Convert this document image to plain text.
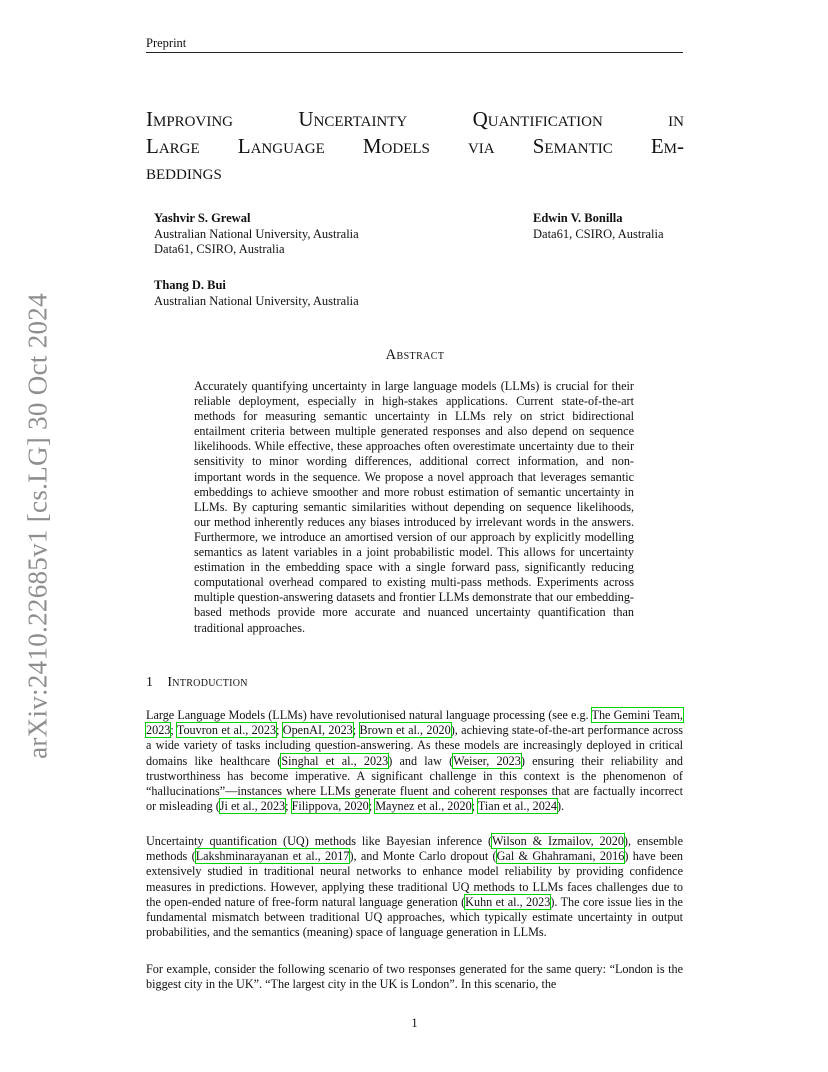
Preprint
arXiv:2410.22685v1 [cs.LG] 30 Oct 2024
Improving Uncertainty Quantification in
Large Language Models via Semantic Em-
beddings
Yashvir S. Grewal
Australian National University, Australia
Data61, CSIRO, Australia
Edwin V. Bonilla
Data61, CSIRO, Australia
Thang D. Bui
Australian National University, Australia
Abstract

Accurately quantifying uncertainty in large language models (LLMs) is crucial for their reliable deployment, especially in high-stakes applications. Current state-of-the-art methods for measuring semantic uncertainty in LLMs rely on strict bidirectional entailment criteria between multiple generated responses and also depend on sequence likelihoods. While effective, these approaches often overestimate uncertainty due to their sensitivity to minor wording differences, additional correct information, and non-important words in the sequence. We propose a novel approach that leverages semantic embeddings to achieve smoother and more robust estimation of semantic uncertainty in LLMs. By capturing semantic similarities without depending on sequence likelihoods, our method inherently reduces any biases introduced by irrelevant words in the answers. Furthermore, we introduce an amortised version of our approach by explicitly modelling semantics as latent variables in a joint probabilistic model. This allows for uncertainty estimation in the embedding space with a single forward pass, significantly reducing computational overhead compared to existing multi-pass methods. Experiments across multiple question-answering datasets and frontier LLMs demonstrate that our embedding-based methods provide more accurate and nuanced uncertainty quantification than traditional approaches.

1 Introduction

Large Language Models (LLMs) have revolutionised natural language processing (see e.g. The Gemini Team, 2023; Touvron et al., 2023; OpenAI, 2023; Brown et al., 2020), achieving state-of-the-art performance across a wide variety of tasks including question-answering. As these models are increasingly deployed in critical domains like healthcare (Singhal et al., 2023) and law (Weiser, 2023) ensuring their reliability and trustworthiness has become imperative. A significant challenge in this context is the phenomenon of “hallucinations”—instances where LLMs generate fluent and coherent responses that are factually incorrect or misleading (Ji et al., 2023; Filippova, 2020; Maynez et al., 2020; Tian et al., 2024).

Uncertainty quantification (UQ) methods like Bayesian inference (Wilson & Izmailov, 2020), ensemble methods (Lakshminarayanan et al., 2017), and Monte Carlo dropout (Gal & Ghahramani, 2016) have been extensively studied in traditional neural networks to enhance model reliability by providing confidence measures in predictions. However, applying these traditional UQ methods to LLMs faces challenges due to the open-ended nature of free-form natural language generation (Kuhn et al., 2023). The core issue lies in the fundamental mismatch between traditional UQ approaches, which typically estimate uncertainty in output probabilities, and the semantics (meaning) space of language generation in LLMs.

For example, consider the following scenario of two responses generated for the same query: “London is the biggest city in the UK”. “The largest city in the UK is London”. In this scenario, the

1
